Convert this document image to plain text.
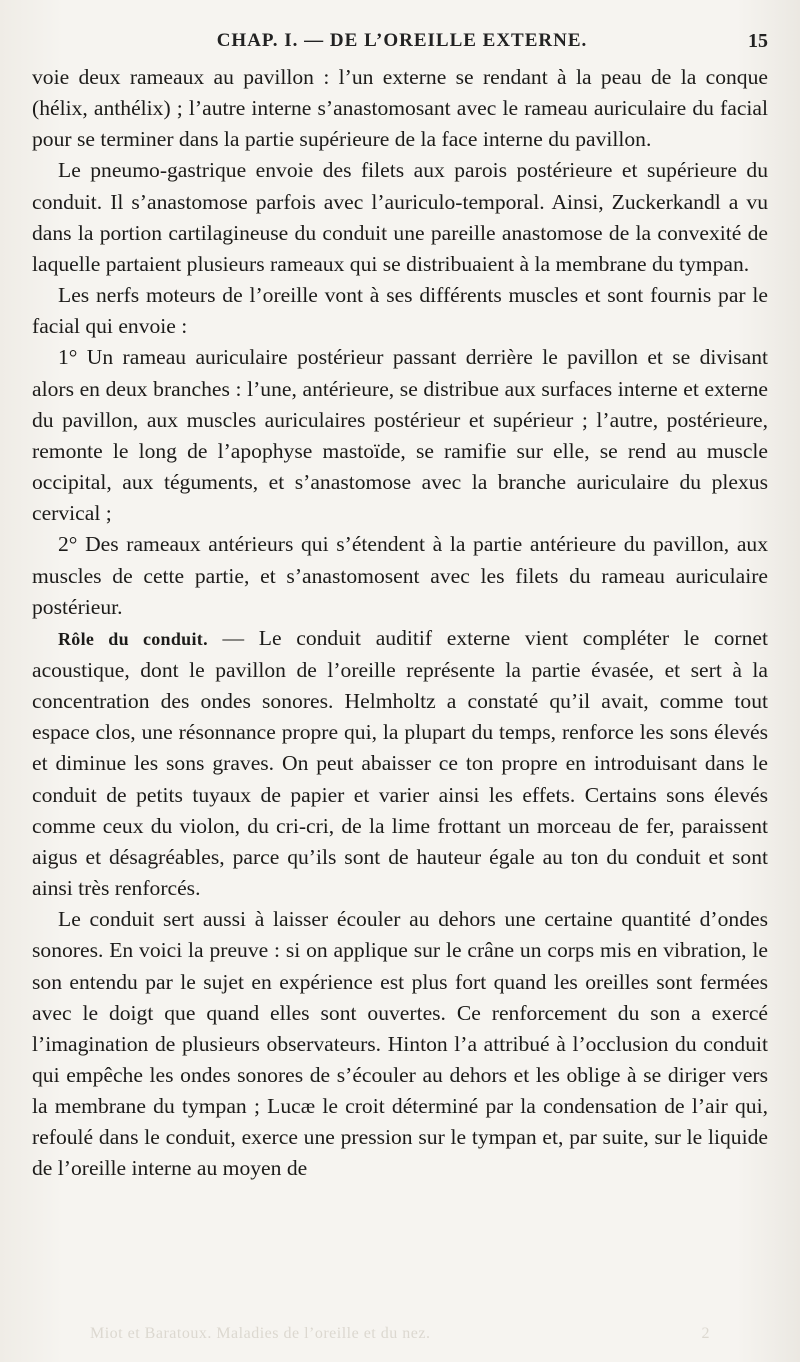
CHAP. I. — DE L’OREILLE EXTERNE.	15

voie deux rameaux au pavillon : l’un externe se rendant à la peau de la conque (hélix, anthélix) ; l’autre interne s’anastomosant avec le rameau auriculaire du facial pour se terminer dans la partie supérieure de la face interne du pavillon.

Le pneumo-gastrique envoie des filets aux parois postérieure et supérieure du conduit. Il s’anastomose parfois avec l’auriculo-temporal. Ainsi, Zuckerkandl a vu dans la portion cartilagineuse du conduit une pareille anastomose de la convexité de laquelle partaient plusieurs rameaux qui se distribuaient à la membrane du tympan.

Les nerfs moteurs de l’oreille vont à ses différents muscles et sont fournis par le facial qui envoie :

1° Un rameau auriculaire postérieur passant derrière le pavillon et se divisant alors en deux branches : l’une, antérieure, se distribue aux surfaces interne et externe du pavillon, aux muscles auriculaires postérieur et supérieur ; l’autre, postérieure, remonte le long de l’apophyse mastoïde, se ramifie sur elle, se rend au muscle occipital, aux téguments, et s’anastomose avec la branche auriculaire du plexus cervical ;

2° Des rameaux antérieurs qui s’étendent à la partie antérieure du pavillon, aux muscles de cette partie, et s’anastomosent avec les filets du rameau auriculaire postérieur.

Rôle du conduit. — Le conduit auditif externe vient compléter le cornet acoustique, dont le pavillon de l’oreille représente la partie évasée, et sert à la concentration des ondes sonores. Helmholtz a constaté qu’il avait, comme tout espace clos, une résonnance propre qui, la plupart du temps, renforce les sons élevés et diminue les sons graves. On peut abaisser ce ton propre en introduisant dans le conduit de petits tuyaux de papier et varier ainsi les effets. Certains sons élevés comme ceux du violon, du cri-cri, de la lime frottant un morceau de fer, paraissent aigus et désagréables, parce qu’ils sont de hauteur égale au ton du conduit et sont ainsi très renforcés.

Le conduit sert aussi à laisser écouler au dehors une certaine quantité d’ondes sonores. En voici la preuve : si on applique sur le crâne un corps mis en vibration, le son entendu par le sujet en expérience est plus fort quand les oreilles sont fermées avec le doigt que quand elles sont ouvertes. Ce renforcement du son a exercé l’imagination de plusieurs observateurs. Hinton l’a attribué à l’occlusion du conduit qui empêche les ondes sonores de s’écouler au dehors et les oblige à se diriger vers la membrane du tympan ; Lucæ le croit déterminé par la condensation de l’air qui, refoulé dans le conduit, exerce une pression sur le tympan et, par suite, sur le liquide de l’oreille interne au moyen de

Miot et Baratoux. Maladies de l’oreille et du nez.	2
